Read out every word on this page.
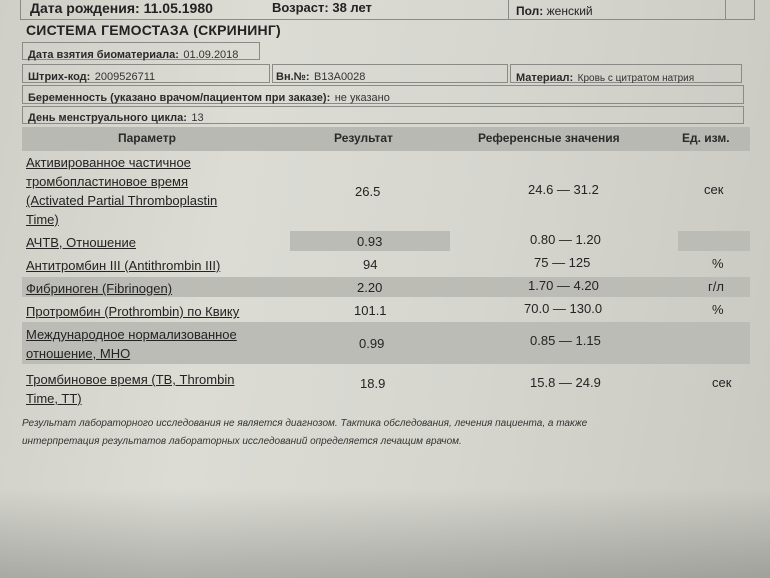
Дата рождения: 11.05.1980	Возраст: 38 лет	Пол: женский
СИСТЕМА ГЕМОСТАЗА (СКРИНИНГ)
Дата взятия биоматериала: 01.09.2018
Штрих-код: 2009526711	Вн.№: В13А0028	Материал: Кровь с цитратом натрия
Беременность (указано врачом/пациентом при заказе): не указано
День менструального цикла: 13
Параметр	Результат	Референсные значения	Ед. изм.
Активированное частичное
тромбопластиновое время
(Activated Partial Thromboplastin
Time)
26.5	24.6 — 31.2	сек
АЧТВ, Отношение	0.93	0.80 — 1.20
Антитромбин III (Antithrombin III)	94	75 — 125	%
Фибриноген (Fibrinogen)	2.20	1.70 — 4.20	г/л
Протромбин (Prothrombin) по Квику	101.1	70.0 — 130.0	%
Международное нормализованное
отношение, МНО
0.99	0.85 — 1.15
Тромбиновое время (ТВ, Thrombin
Time, TT)
18.9	15.8 — 24.9	сек
Результат лабораторного исследования не является диагнозом. Тактика обследования, лечения пациента, а также
интерпретация результатов лабораторных исследований определяется лечащим врачом.
